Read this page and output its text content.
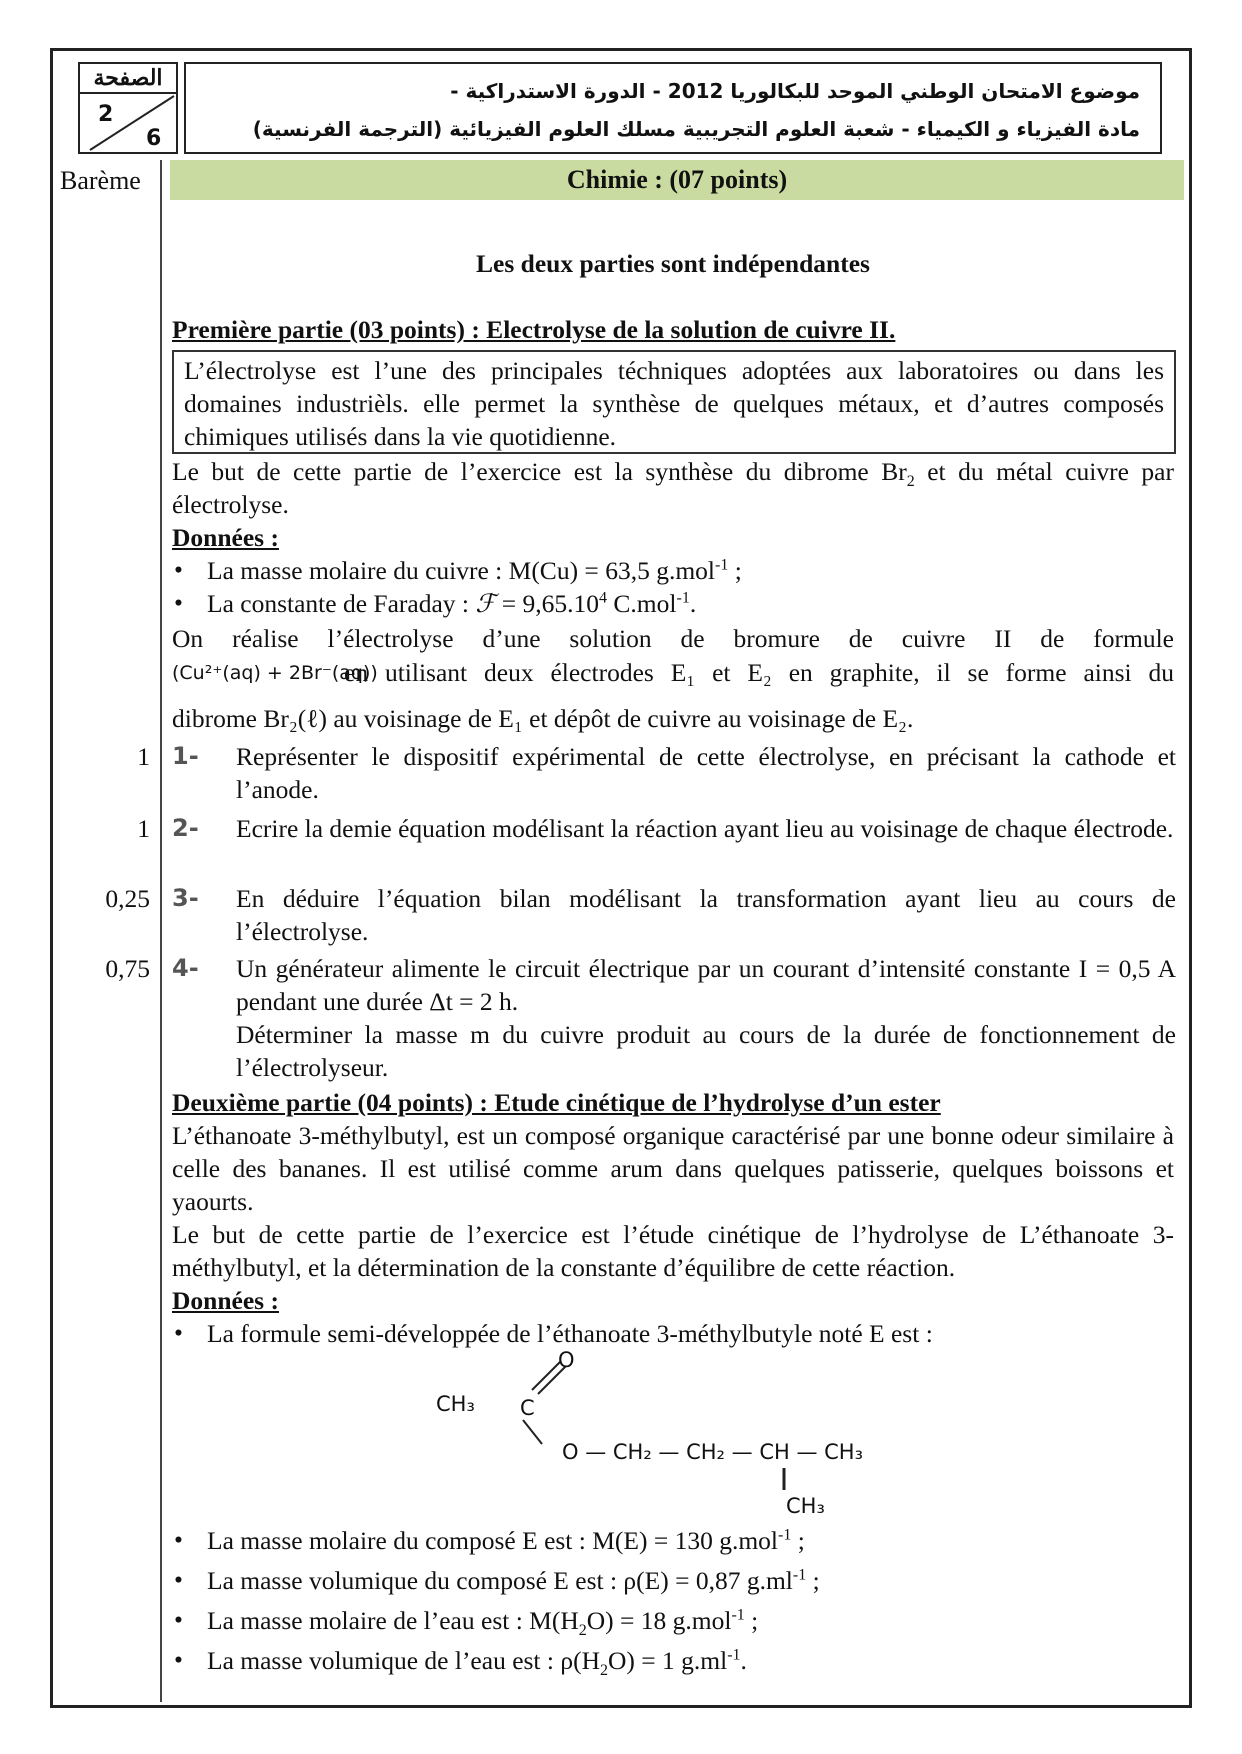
الصفحة
2
6
موضوع الامتحان الوطني الموحد للبكالوريا 2012 - الدورة الاستدراكية -
مادة الفيزياء و الكيمياء - شعبة العلوم التجريبية مسلك العلوم الفيزيائية (الترجمة الفرنسية)
Barème	Chimie : (07 points)
Les deux parties sont indépendantes
Première partie (03 points) : Electrolyse de la solution de cuivre II.
L’électrolyse est l’une des principales téchniques adoptées aux laboratoires ou dans les domaines industrièls. elle permet la synthèse de quelques métaux, et d’autres composés chimiques utilisés dans la vie quotidienne.
Le but de cette partie de l’exercice est la synthèse du dibrome $Br_2$ et du métal cuivre par électrolyse.
Données :
• La masse molaire du cuivre : M(Cu) = 63,5 g.mol$^{-1}$ ;
• La constante de Faraday : ℱ = $9,65.10^4$ C.mol$^{-1}$.
On réalise l’électrolyse d’une solution de bromure de cuivre II de formule
(Cu²⁺(aq) + 2Br⁻(aq))
en utilisant deux électrodes E₁ et E₂ en graphite, il se forme ainsi du
dibrome Br₂(ℓ) au voisinage de E₁ et dépôt de cuivre au voisinage de E₂.
1 1- Représenter le dispositif expérimental de cette électrolyse, en précisant la cathode et l’anode.
1 2- Ecrire la demie équation modélisant la réaction ayant lieu au voisinage de chaque électrode.
0,25 3- En déduire l’équation bilan modélisant la transformation ayant lieu au cours de l’électrolyse.
0,75 4- Un générateur alimente le circuit électrique par un courant d’intensité constante I = 0,5 A pendant une durée Δt = 2 h.
Déterminer la masse m du cuivre produit au cours de la durée de fonctionnement de l’électrolyseur.
Deuxième partie (04 points) : Etude cinétique de l’hydrolyse d’un ester
L’éthanoate 3-méthylbutyl, est un composé organique caractérisé par une bonne odeur similaire à celle des bananes. Il est utilisé comme arum dans quelques patisserie, quelques boissons et yaourts.
Le but de cette partie de l’exercice est l’étude cinétique de l’hydrolyse de L’éthanoate 3-méthylbutyl, et la détermination de la constante d’équilibre de cette réaction.
Données :
• La formule semi-développée de l’éthanoate 3-méthylbutyle noté E est :
CH₃ C
O
O — CH₂ — CH₂ — CH — CH₃
CH₃
• La masse molaire du composé E est : M(E) = 130 g.mol$^{-1}$ ;
• La masse volumique du composé E est : ρ(E) = 0,87 $g.ml^{-1}$ ;
• La masse molaire de l’eau est : $M(H_2O) = 18$ g.mol$^{-1}$ ;
• La masse volumique de l’eau est : $\rho(H_2O) = 1$ $g.ml^{-1}$.
